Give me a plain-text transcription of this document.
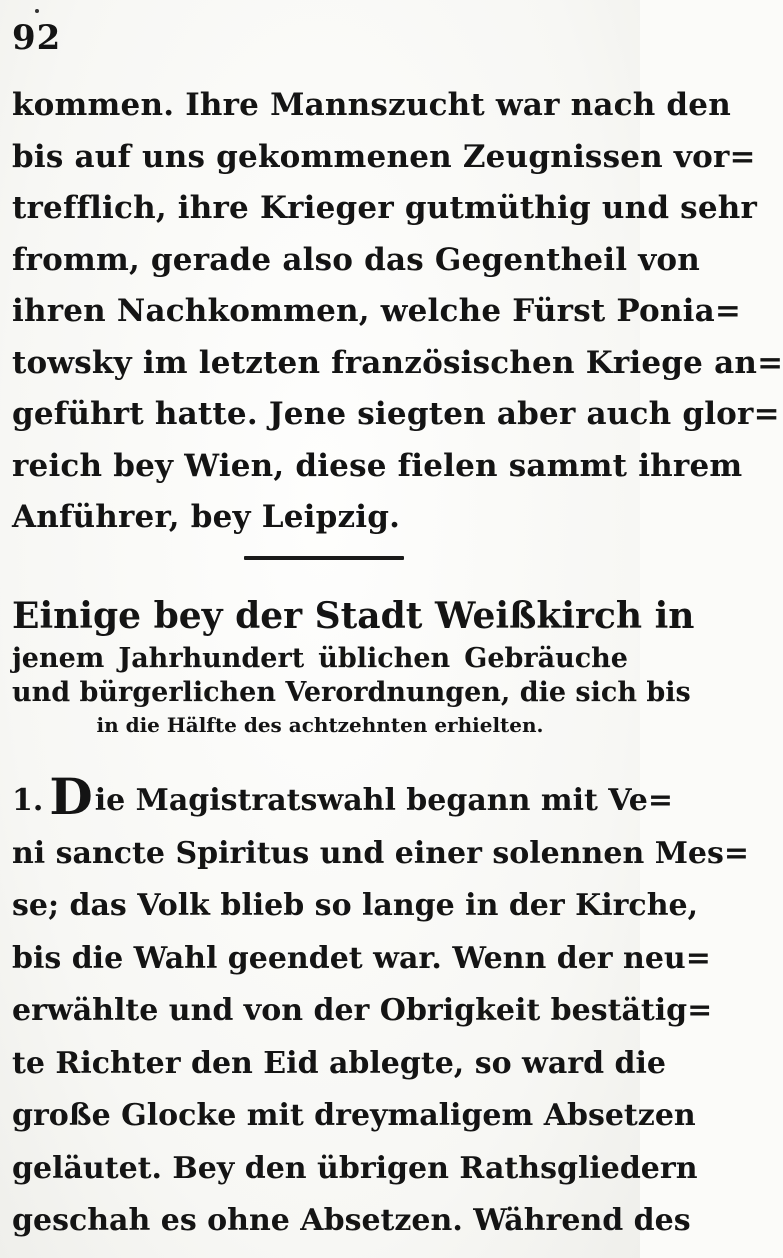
92
kommen. Ihre Mannszucht war nach den
bis auf uns gekommenen Zeugnissen vor=
trefflich, ihre Krieger gutmüthig und sehr
fromm, gerade also das Gegentheil von
ihren Nachkommen, welche Fürst Ponia=
towsky im letzten französischen Kriege an=
geführt hatte. Jene siegten aber auch glor=
reich bey Wien, diese fielen sammt ihrem
Anführer, bey Leipzig.
Einige bey der Stadt Weißkirch in
jenem Jahrhundert üblichen Gebräuche
und bürgerlichen Verordnungen, die sich bis
in die Hälfte des achtzehnten erhielten.
1. Die Magistratswahl begann mit Ve=
ni sancte Spiritus und einer solennen Mes=
se; das Volk blieb so lange in der Kirche,
bis die Wahl geendet war. Wenn der neu=
erwählte und von der Obrigkeit bestätig=
te Richter den Eid ablegte, so ward die
große Glocke mit dreymaligem Absetzen
geläutet. Bey den übrigen Rathsgliedern
geschah es ohne Absetzen. Während des
